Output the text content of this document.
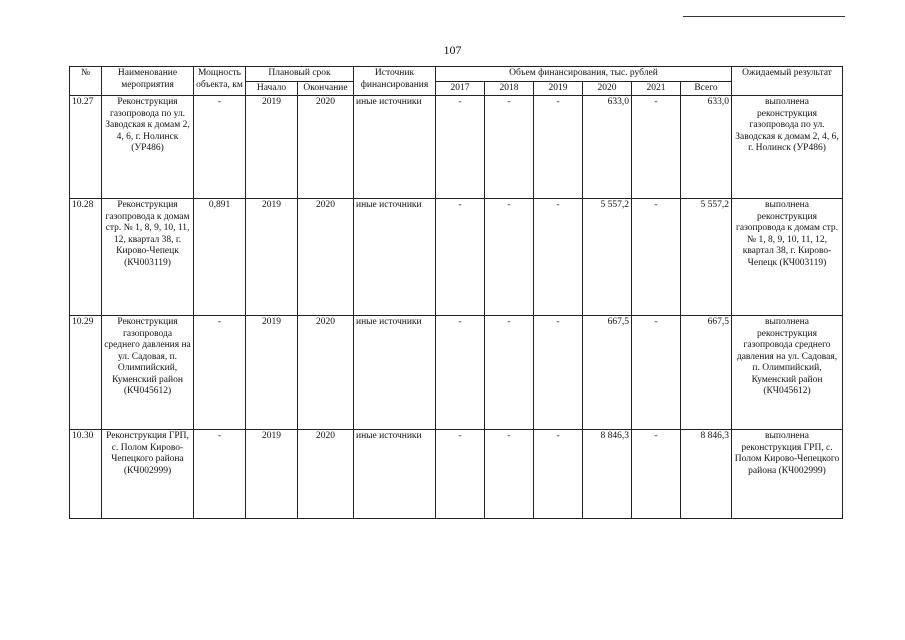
107
№	Наименование мероприятия	Мощность объекта, км	Плановый срок		Источник финансирования	Объем финансирования, тыс. рублей						Ожидаемый результат
			Начало	Окончание		2017	2018	2019	2020	2021	Всего	
10.27	Реконструкция газопровода по ул. Заводская к домам 2, 4, 6, г. Нолинск (УР486)	-	2019	2020	иные источники	-	-	-	633,0	-	633,0	выполнена реконструкция газопровода по ул. Заводская к домам 2, 4, 6, г. Нолинск (УР486)
10.28	Реконструкция газопровода к домам стр. № 1, 8, 9, 10, 11, 12, квартал 38, г. Кирово-Чепецк (КЧ003119)	0,891	2019	2020	иные источники	-	-	-	5 557,2	-	5 557,2	выполнена реконструкция газопровода к домам стр. № 1, 8, 9, 10, 11, 12, квартал 38, г. Кирово-Чепецк (КЧ003119)
10.29	Реконструкция газопровода среднего давления на ул. Садовая, п. Олимпийский, Куменский район (КЧ045612)	-	2019	2020	иные источники	-	-	-	667,5	-	667,5	выполнена реконструкция газопровода среднего давления на ул. Садовая, п. Олимпийский, Куменский район (КЧ045612)
10.30	Реконструкция ГРП, с. Полом Кирово-Чепецкого района (КЧ002999)	-	2019	2020	иные источники	-	-	-	8 846,3	-	8 846,3	выполнена реконструкция ГРП, с. Полом Кирово-Чепецкого района (КЧ002999)
